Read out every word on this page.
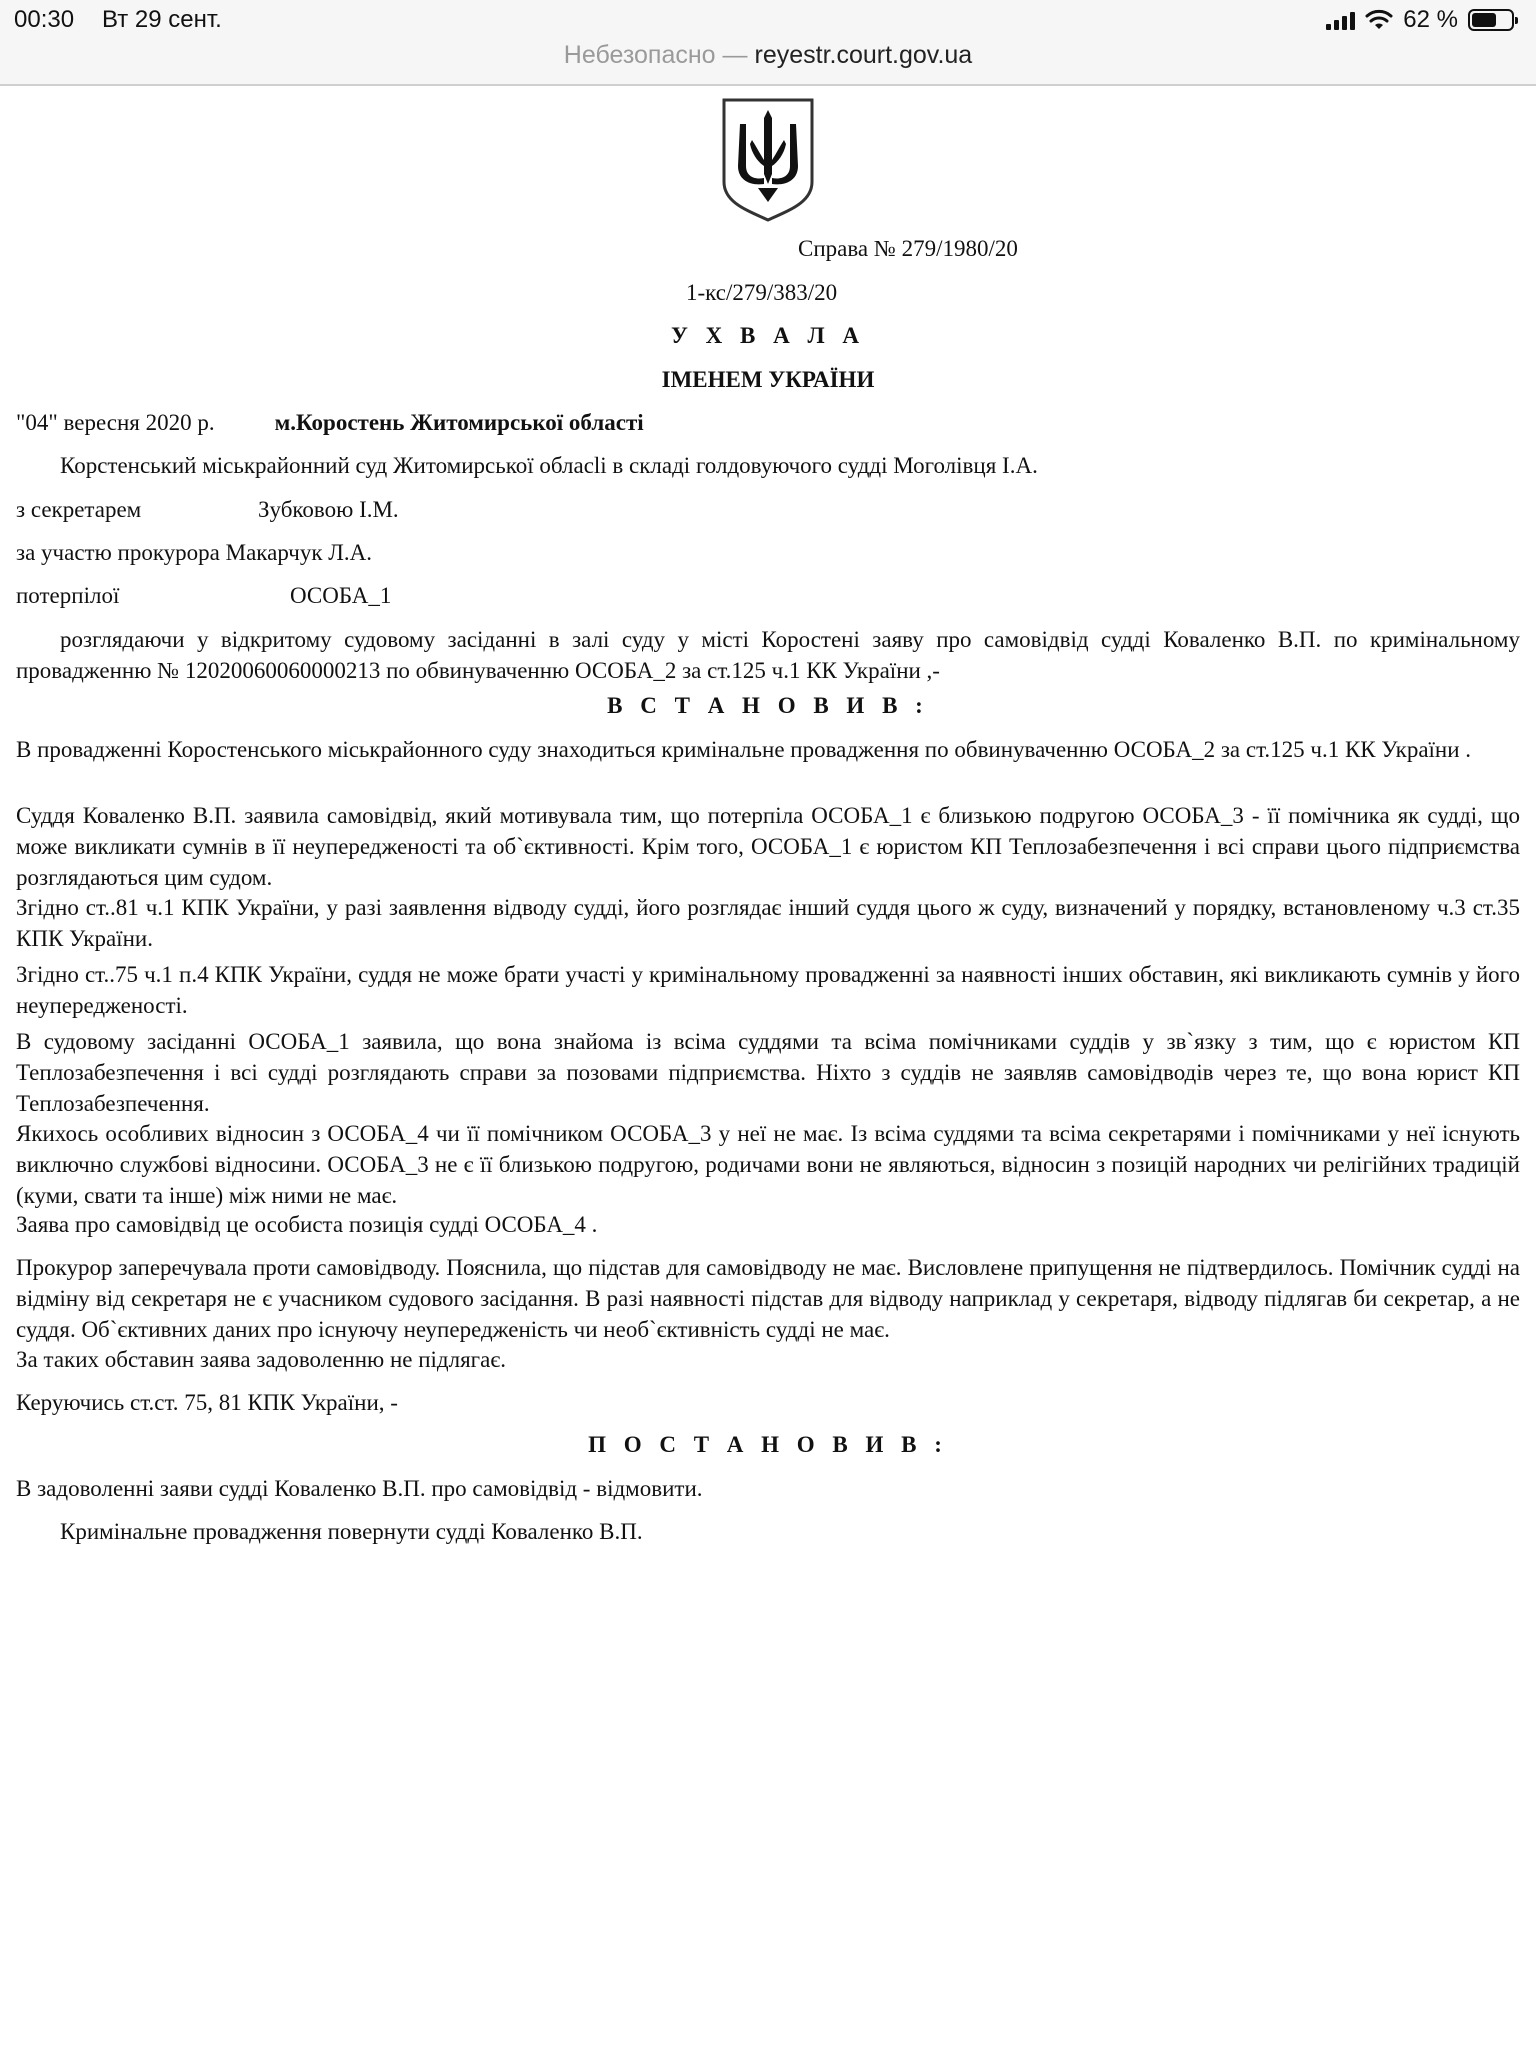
00:30 Вт 29 сент.	62 %
Небезопасно — reyestr.court.gov.ua

Справа № 279/1980/20

1-кс/279/383/20

У Х В А Л А

ІМЕНЕМ УКРАЇНИ

"04" вересня 2020 р.	м.Коростень Житомирської області

Корстенський міськрайонний суд Житомирської облаclі в складі голдовуючого судді Моголівця І.А.

з секретарем	Зубковою І.М.

за участю прокурора Макарчук Л.А.

потерпілої	ОСОБА_1

розглядаючи у відкритому судовому засіданні в залі суду у місті Коростені заяву про самовідвід судді Коваленко В.П. по кримінальному провадженню № 12020060060000213 по обвинуваченню ОСОБА_2 за ст.125 ч.1 КК України ,-

В С Т А Н О В И В :

В провадженні Коростенського міськрайонного суду знаходиться кримінальне провадження по обвинуваченню ОСОБА_2 за ст.125 ч.1 КК України .

Суддя Коваленко В.П. заявила самовідвід, який мотивувала тим, що потерпіла ОСОБА_1 є близькою подругою ОСОБА_3 - її помічника як судді, що може викликати сумнів в її неупередженості та об`єктивності. Крім того, ОСОБА_1 є юристом КП Теплозабезпечення і всі справи цього підприємства розглядаються цим судом.

Згідно ст..81 ч.1 КПК України, у разі заявлення відводу судді, його розглядає інший суддя цього ж суду, визначений у порядку, встановленому ч.3 ст.35 КПК України.

Згідно ст..75 ч.1 п.4 КПК України, суддя не може брати участі у кримінальному провадженні за наявності інших обставин, які викликають сумнів у його неупередженості.

В судовому засіданні ОСОБА_1 заявила, що вона знайома із всіма суддями та всіма помічниками суддів у зв`язку з тим, що є юристом КП Теплозабезпечення і всі судді розглядають справи за позовами підприємства. Ніхто з суддів не заявляв самовідводів через те, що вона юрист КП Теплозабезпечення.

Якихось особливих відносин з ОСОБА_4 чи її помічником ОСОБА_3 у неї не має. Із всіма суддями та всіма секретарями і помічниками у неї існують виключно службові відносини. ОСОБА_3 не є її близькою подругою, родичами вони не являються, відносин з позицій народних чи релігійних традицій (куми, свати та інше) між ними не має.

Заява про самовідвід це особиста позиція судді ОСОБА_4 .

Прокурор заперечувала проти самовідводу. Пояснила, що підстав для самовідводу не має. Висловлене припущення не підтвердилось. Помічник судді на відміну від секретаря не є учасником судового засідання. В разі наявності підстав для відводу наприклад у секретаря, відводу підлягав би секретар, а не суддя. Об`єктивних даних про існуючу неупередженість чи необ`єктивність судді не має.

За таких обставин заява задоволенню не підлягає.

Керуючись ст.ст. 75, 81 КПК України, -

П О С Т А Н О В И В :

В задоволенні заяви судді Коваленко В.П. про самовідвід - відмовити.

Кримінальне провадження повернути судді Коваленко В.П.
